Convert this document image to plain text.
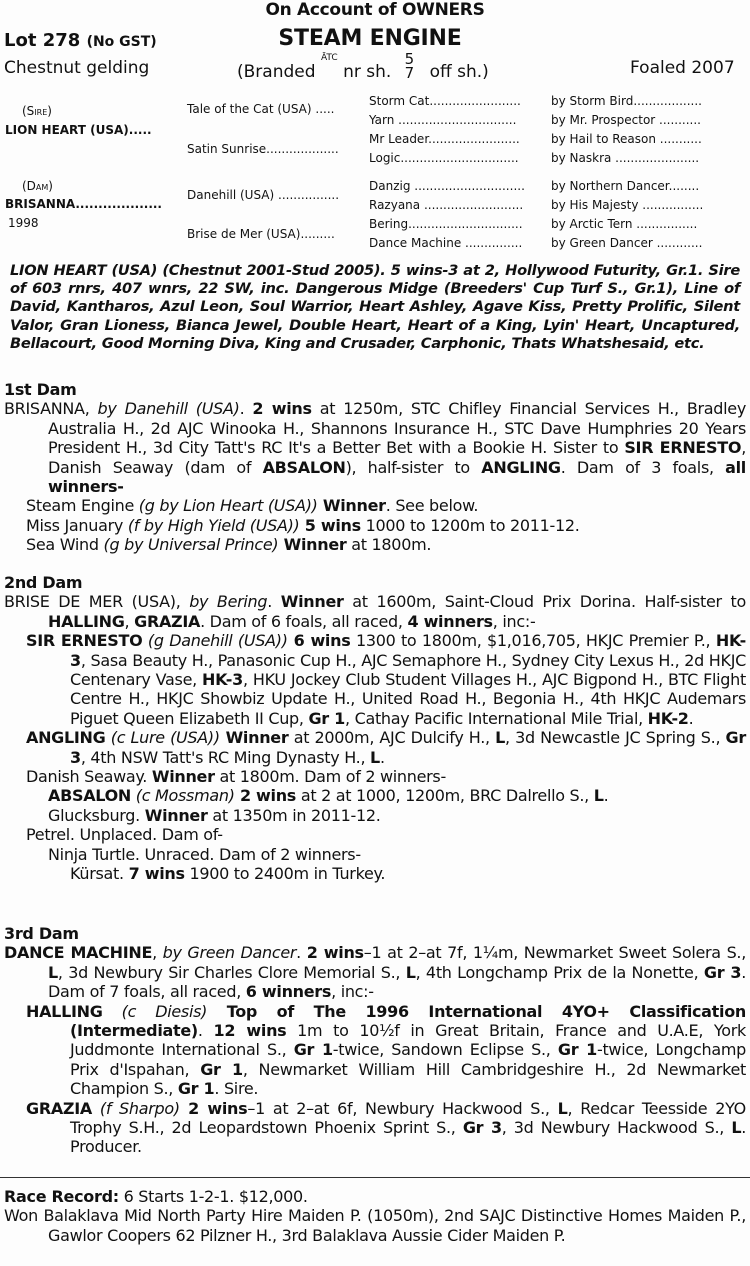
On Account of OWNERS
Lot 278 (No GST)	STEAM ENGINE
Chestnut gelding	(Branded ĀTC nr sh. 5
7 off sh.)	Foaled 2007
(Sire)
LION HEART (USA).....
(Dam)
BRISANNA...................
1998
Tale of the Cat (USA) .....
Satin Sunrise...................
Danehill (USA) ................
Brise de Mer (USA).........
Storm Cat........................	by Storm Bird..................
Yarn ...............................	by Mr. Prospector ...........
Mr Leader........................	by Hail to Reason ...........
Logic...............................	by Naskra ......................
Danzig ............................. by Northern Dancer........
Razyana .......................... by His Majesty ................
Bering.............................. by Arctic Tern ................
Dance Machine ............... by Green Dancer ............
LION HEART (USA) (Chestnut 2001-Stud 2005). 5 wins-3 at 2, Hollywood Futurity, Gr.1. Sire of 603 rnrs, 407 wnrs, 22 SW, inc. Dangerous Midge (Breeders' Cup Turf S., Gr.1), Line of David, Kantharos, Azul Leon, Soul Warrior, Heart Ashley, Agave Kiss, Pretty Prolific, Silent Valor, Gran Lioness, Bianca Jewel, Double Heart, Heart of a King, Lyin' Heart, Uncaptured, Bellacourt, Good Morning Diva, King and Crusader, Carphonic, Thats Whatshesaid, etc.
1st Dam
BRISANNA, by Danehill (USA). 2 wins at 1250m, STC Chifley Financial Services H., Bradley Australia H., 2d AJC Winooka H., Shannons Insurance H., STC Dave Humphries 20 Years President H., 3d City Tatt's RC It's a Better Bet with a Bookie H. Sister to SIR ERNESTO, Danish Seaway (dam of ABSALON), half-sister to ANGLING. Dam of 3 foals, all winners-
Steam Engine (g by Lion Heart (USA)) Winner. See below.
Miss January (f by High Yield (USA)) 5 wins 1000 to 1200m to 2011-12.
Sea Wind (g by Universal Prince) Winner at 1800m.
2nd Dam
BRISE DE MER (USA), by Bering. Winner at 1600m, Saint-Cloud Prix Dorina. Half-sister to HALLING, GRAZIA. Dam of 6 foals, all raced, 4 winners, inc:-
SIR ERNESTO (g Danehill (USA)) 6 wins 1300 to 1800m, $1,016,705, HKJC Premier P., HK-3, Sasa Beauty H., Panasonic Cup H., AJC Semaphore H., Sydney City Lexus H., 2d HKJC Centenary Vase, HK-3, HKU Jockey Club Student Villages H., AJC Bigpond H., BTC Flight Centre H., HKJC Showbiz Update H., United Road H., Begonia H., 4th HKJC Audemars Piguet Queen Elizabeth II Cup, Gr 1, Cathay Pacific International Mile Trial, HK-2.
ANGLING (c Lure (USA)) Winner at 2000m, AJC Dulcify H., L, 3d Newcastle JC Spring S., Gr 3, 4th NSW Tatt's RC Ming Dynasty H., L.
Danish Seaway. Winner at 1800m. Dam of 2 winners-
ABSALON (c Mossman) 2 wins at 2 at 1000, 1200m, BRC Dalrello S., L.
Glucksburg. Winner at 1350m in 2011-12.
Petrel. Unplaced. Dam of-
Ninja Turtle. Unraced. Dam of 2 winners-
Kürsat. 7 wins 1900 to 2400m in Turkey.
3rd Dam
DANCE MACHINE, by Green Dancer. 2 wins–1 at 2–at 7f, 1¼m, Newmarket Sweet Solera S., L, 3d Newbury Sir Charles Clore Memorial S., L, 4th Longchamp Prix de la Nonette, Gr 3. Dam of 7 foals, all raced, 6 winners, inc:-
HALLING (c Diesis) Top of The 1996 International 4YO+ Classification (Intermediate). 12 wins 1m to 10½f in Great Britain, France and U.A.E, York Juddmonte International S., Gr 1-twice, Sandown Eclipse S., Gr 1-twice, Longchamp Prix d'Ispahan, Gr 1, Newmarket William Hill Cambridgeshire H., 2d Newmarket Champion S., Gr 1. Sire.
GRAZIA (f Sharpo) 2 wins–1 at 2–at 6f, Newbury Hackwood S., L, Redcar Teesside 2YO Trophy S.H., 2d Leopardstown Phoenix Sprint S., Gr 3, 3d Newbury Hackwood S., L. Producer.
Race Record: 6 Starts 1-2-1. $12,000.
Won Balaklava Mid North Party Hire Maiden P. (1050m), 2nd SAJC Distinctive Homes Maiden P., Gawlor Coopers 62 Pilzner H., 3rd Balaklava Aussie Cider Maiden P.
